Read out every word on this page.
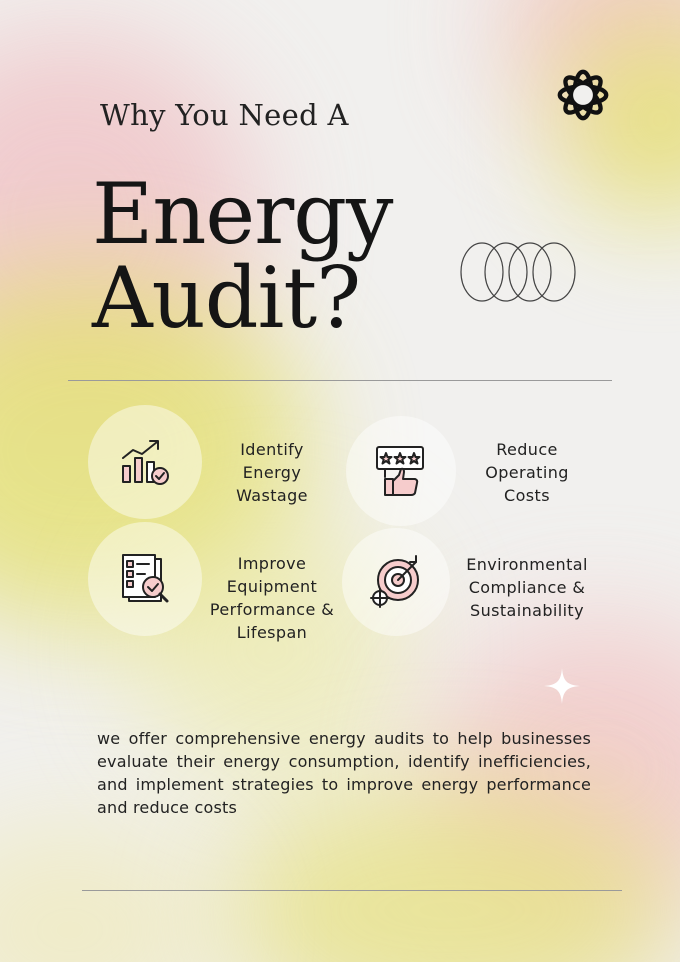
Why You Need A
Energy
Audit?
Identify
Energy
Wastage
Reduce
Operating
Costs
Improve
Equipment
Performance &
Lifespan
Environmental
Compliance &
Sustainability

we offer comprehensive energy audits to help businesses evaluate their energy consumption, identify inefficiencies, and implement strategies to improve energy performance and reduce costs
